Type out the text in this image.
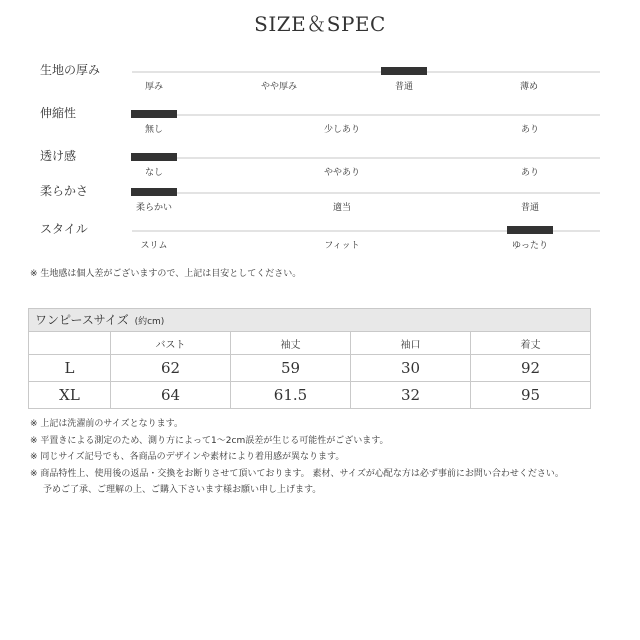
SIZE＆SPEC
生地の厚み
厚み	やや厚み	普通	薄め
伸縮性
無し	少しあり	あり
透け感
なし	ややあり	あり
柔らかさ
柔らかい	適当	普通
スタイル
スリム	フィット	ゆったり
※ 生地感は個人差がございますので、上記は目安としてください。
ワンピースサイズ (約cm)
	バスト	袖丈	袖口	着丈
L	62	59	30	92
XL	64	61.5	32	95
※ 上記は洗濯前のサイズとなります。
※ 平置きによる測定のため、測り方によって1〜2cm誤差が生じる可能性がございます。
※ 同じサイズ記号でも、各商品のデザインや素材により着用感が異なります。
※ 商品特性上、使用後の返品・交換をお断りさせて頂いております。 素材、サイズが心配な方は必ず事前にお問い合わせください。
予めご了承、ご理解の上、ご購入下さいます様お願い申し上げます。
